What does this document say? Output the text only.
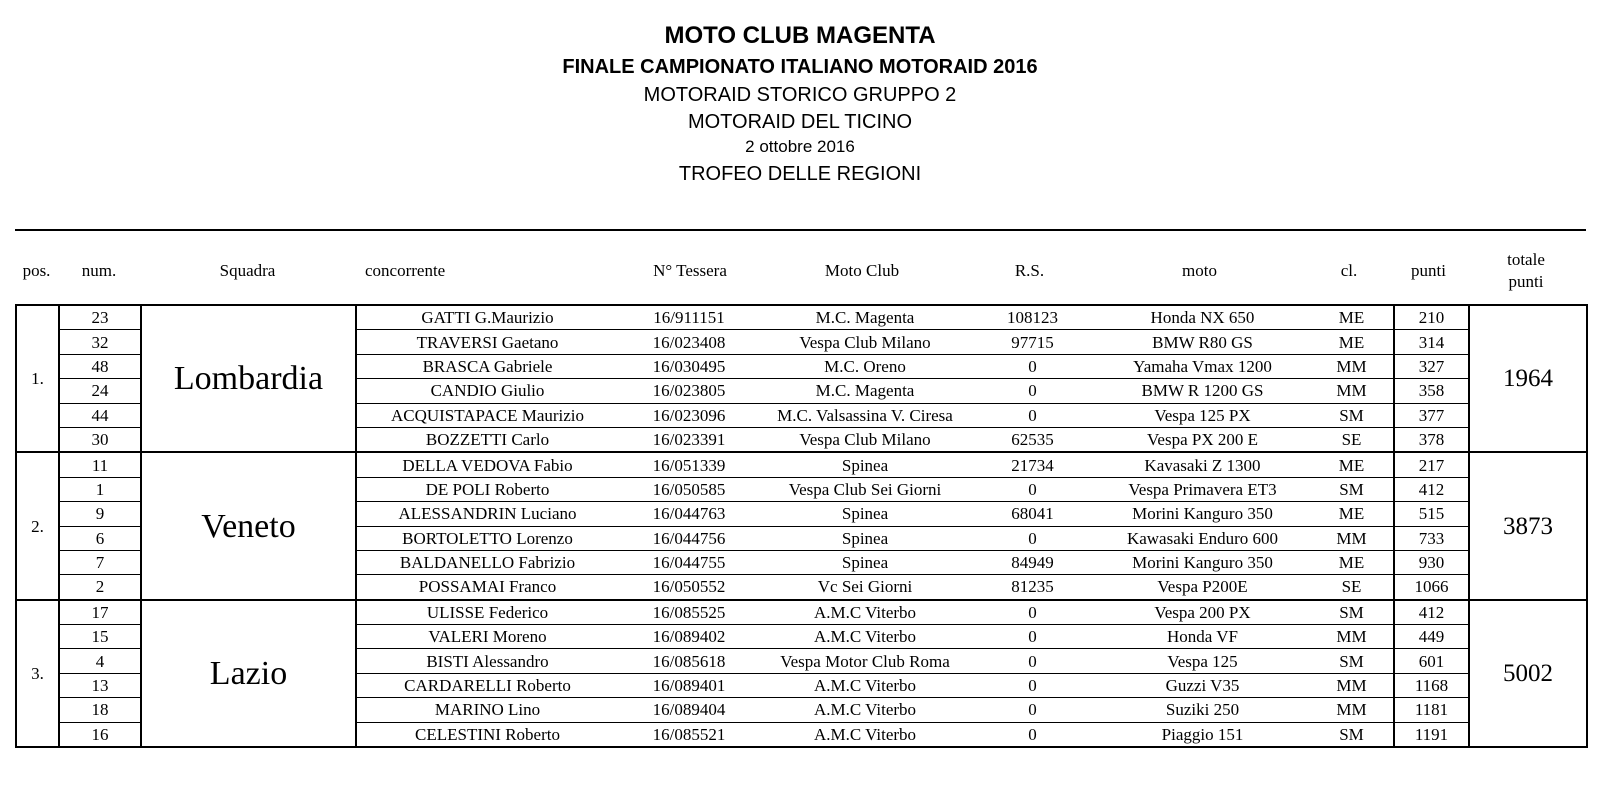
MOTO CLUB MAGENTA
FINALE CAMPIONATO ITALIANO MOTORAID 2016
MOTORAID STORICO GRUPPO 2
MOTORAID DEL TICINO
2 ottobre 2016
TROFEO DELLE REGIONI
pos.	num.	Squadra	concorrente	N° Tessera	Moto Club	R.S.	moto	cl.	punti
totale
punti
1.	23	Lombardia	GATTI G.Maurizio	16/911151	M.C. Magenta	108123	Honda NX 650	ME	210	1964
	32		TRAVERSI Gaetano	16/023408	Vespa Club Milano	97715	BMW R80 GS	ME	314	
	48		BRASCA Gabriele	16/030495	M.C. Oreno	0	Yamaha Vmax 1200	MM	327	
	24		CANDIO Giulio	16/023805	M.C. Magenta	0	BMW R 1200 GS	MM	358	
	44		ACQUISTAPACE Maurizio	16/023096	M.C. Valsassina V. Ciresa	0	Vespa 125 PX	SM	377	
	30		BOZZETTI Carlo	16/023391	Vespa Club Milano	62535	Vespa PX 200 E	SE	378	
2.	11	Veneto	DELLA VEDOVA Fabio	16/051339	Spinea	21734	Kavasaki Z 1300	ME	217	3873
	1		DE POLI Roberto	16/050585	Vespa Club Sei Giorni	0	Vespa Primavera ET3	SM	412	
	9		ALESSANDRIN Luciano	16/044763	Spinea	68041	Morini Kanguro 350	ME	515	
	6		BORTOLETTO Lorenzo	16/044756	Spinea	0	Kawasaki Enduro 600	MM	733	
	7		BALDANELLO Fabrizio	16/044755	Spinea	84949	Morini Kanguro 350	ME	930	
	2		POSSAMAI Franco	16/050552	Vc Sei Giorni	81235	Vespa P200E	SE	1066	
3.	17	Lazio	ULISSE Federico	16/085525	A.M.C Viterbo	0	Vespa 200 PX	SM	412	5002
	15		VALERI Moreno	16/089402	A.M.C Viterbo	0	Honda VF	MM	449	
	4		BISTI Alessandro	16/085618	Vespa Motor Club Roma	0	Vespa 125	SM	601	
	13		CARDARELLI Roberto	16/089401	A.M.C Viterbo	0	Guzzi V35	MM	1168	
	18		MARINO Lino	16/089404	A.M.C Viterbo	0	Suziki 250	MM	1181	
	16		CELESTINI Roberto	16/085521	A.M.C Viterbo	0	Piaggio 151	SM	1191	
